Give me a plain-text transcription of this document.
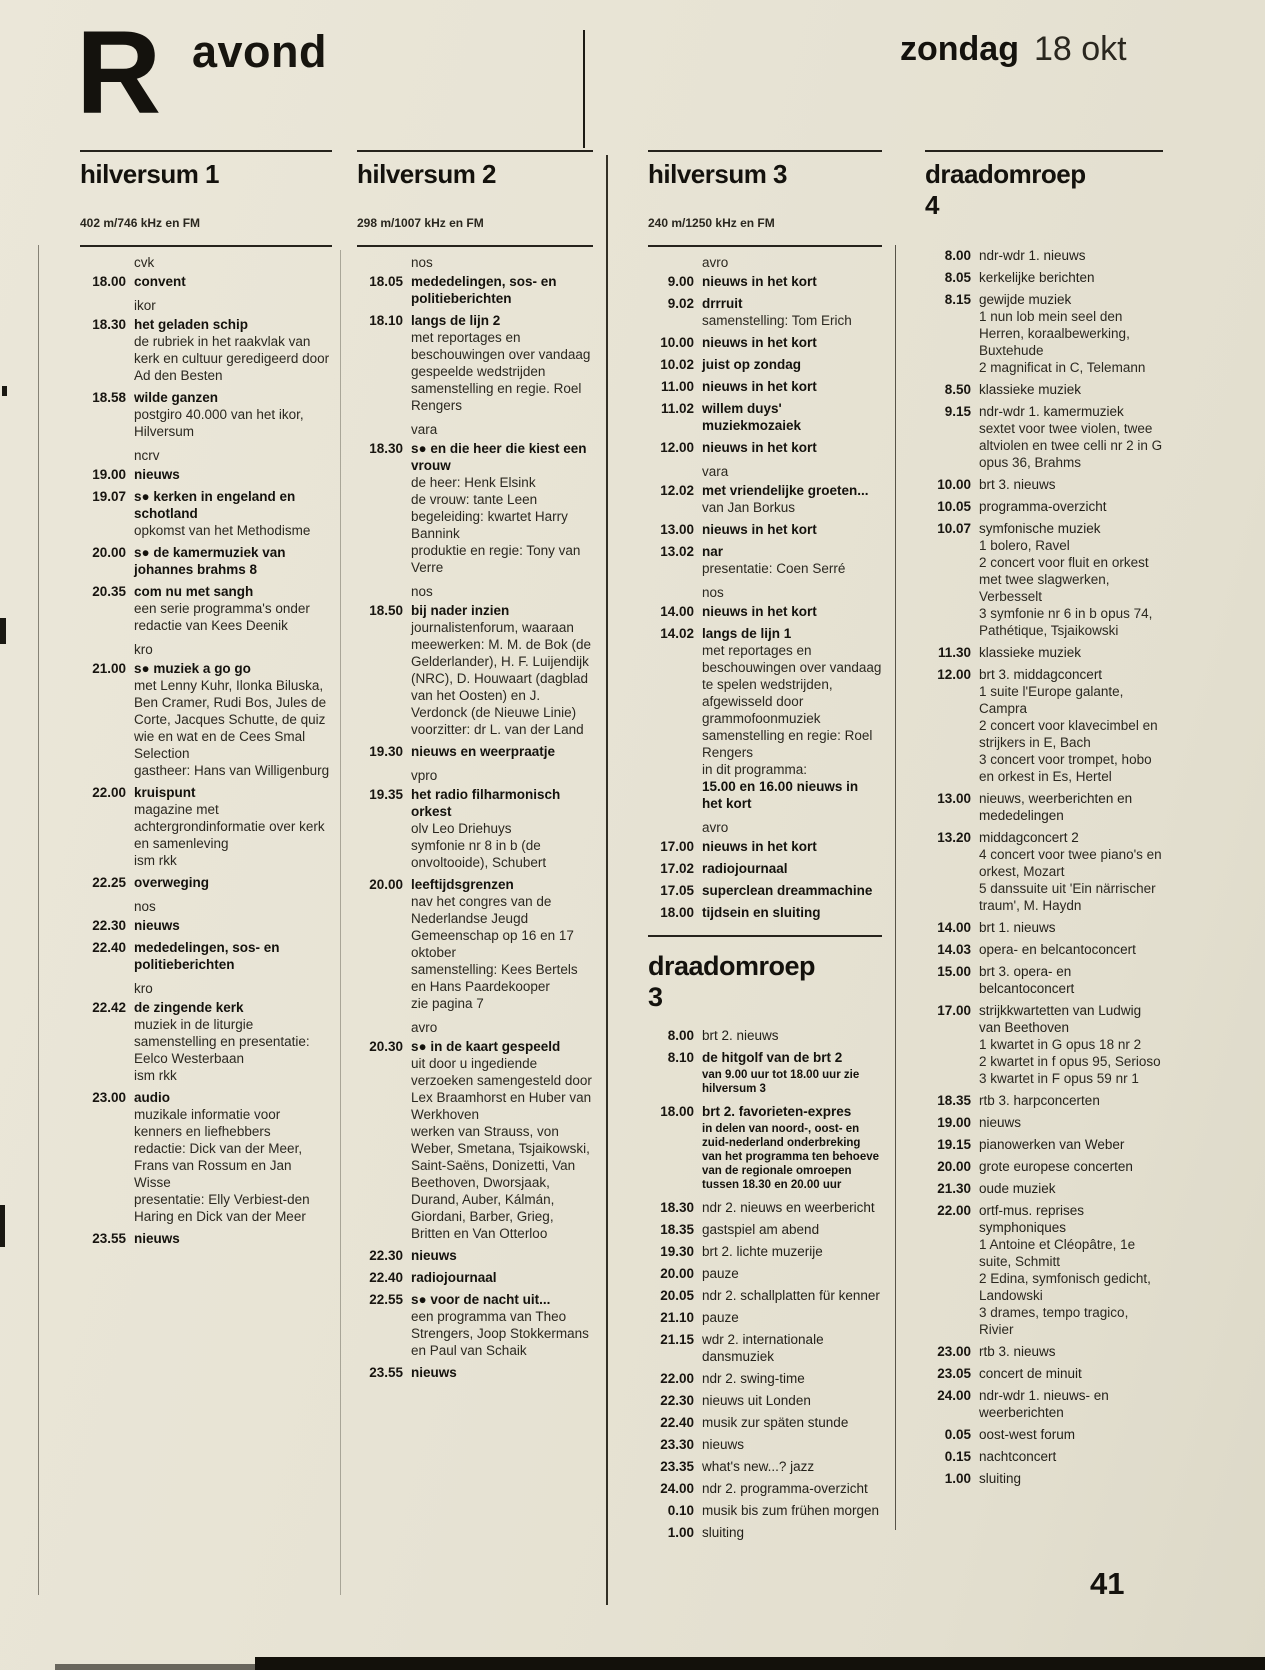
R avond	zondag 18 okt
hilversum 1

402 m/746 kHz en FM

cvk
18.00 convent
ikor
18.30 het geladen schip
de rubriek in het raakvlak van kerk en cultuur geredigeerd door Ad den Besten
18.58 wilde ganzen
postgiro 40.000 van het ikor, Hilversum
ncrv
19.00 nieuws
19.07 s● kerken in engeland en schotland
opkomst van het Methodisme
20.00 s● de kamermuziek van johannes brahms 8
20.35 com nu met sangh
een serie programma's onder redactie van Kees Deenik
kro
21.00 s● muziek a go go
met Lenny Kuhr, Ilonka Biluska, Ben Cramer, Rudi Bos, Jules de Corte, Jacques Schutte, de quiz wie en wat en de Cees Smal Selection
gastheer: Hans van Willigenburg
22.00 kruispunt
magazine met achtergrondinformatie over kerk en samenleving
ism rkk
22.25 overweging
nos
22.30 nieuws
22.40 mededelingen, sos- en politieberichten
kro
22.42 de zingende kerk
muziek in de liturgie samenstelling en presentatie: Eelco Westerbaan
ism rkk
23.00 audio
muzikale informatie voor kenners en liefhebbers
redactie: Dick van der Meer, Frans van Rossum en Jan Wisse
presentatie: Elly Verbiest-den Haring en Dick van der Meer
23.55 nieuws
hilversum 2

298 m/1007 kHz en FM

nos
18.05 mededelingen, sos- en politieberichten
18.10 langs de lijn 2
met reportages en beschouwingen over vandaag gespeelde wedstrijden samenstelling en regie. Roel Rengers
vara
18.30 s● en die heer die kiest een vrouw
de heer: Henk Elsink
de vrouw: tante Leen
begeleiding: kwartet Harry Bannink
produktie en regie: Tony van Verre
nos
18.50 bij nader inzien
journalistenforum, waaraan meewerken: M. M. de Bok (de Gelderlander), H. F. Luijendijk (NRC), D. Houwaart (dagblad van het Oosten) en J. Verdonck (de Nieuwe Linie)
voorzitter: dr L. van der Land
19.30 nieuws en weerpraatje
vpro
19.35 het radio filharmonisch orkest
olv Leo Driehuys
symfonie nr 8 in b (de onvoltooide), Schubert
20.00 leeftijdsgrenzen
nav het congres van de Nederlandse Jeugd Gemeenschap op 16 en 17 oktober
samenstelling: Kees Bertels en Hans Paardekooper
zie pagina 7
avro
20.30 s● in de kaart gespeeld
uit door u ingediende verzoeken samengesteld door Lex Braamhorst en Huber van Werkhoven
werken van Strauss, von Weber, Smetana, Tsjaikowski, Saint-Saëns, Donizetti, Van Beethoven, Dworsjaak, Durand, Auber, Kálmán, Giordani, Barber, Grieg, Britten en Van Otterloo
22.30 nieuws
22.40 radiojournaal
22.55 s● voor de nacht uit...
een programma van Theo Strengers, Joop Stokkermans en Paul van Schaik
23.55 nieuws
hilversum 3

240 m/1250 kHz en FM

avro
9.00 nieuws in het kort
9.02 drrruit
samenstelling: Tom Erich
10.00 nieuws in het kort
10.02 juist op zondag
11.00 nieuws in het kort
11.02 willem duys' muziekmozaiek
12.00 nieuws in het kort
vara
12.02 met vriendelijke groeten...
van Jan Borkus
13.00 nieuws in het kort
13.02 nar
presentatie: Coen Serré
nos
14.00 nieuws in het kort
14.02 langs de lijn 1
met reportages en beschouwingen over vandaag te spelen wedstrijden, afgewisseld door grammofoonmuziek samenstelling en regie: Roel Rengers
in dit programma:
15.00 en 16.00 nieuws in het kort
avro
17.00 nieuws in het kort
17.02 radiojournaal
17.05 superclean dreammachine
18.00 tijdsein en sluiting
draadomroep
3
8.00 brt 2. nieuws
8.10 de hitgolf van de brt 2
van 9.00 uur tot 18.00 uur zie hilversum 3
18.00 brt 2. favorieten-expres
in delen van noord-, oost- en zuid-nederland onderbreking van het programma ten behoeve van de regionale omroepen tussen 18.30 en 20.00 uur
18.30 ndr 2. nieuws en weerbericht
18.35 gastspiel am abend
19.30 brt 2. lichte muzerije
20.00 pauze
20.05 ndr 2. schallplatten für kenner
21.10 pauze
21.15 wdr 2. internationale dansmuziek
22.00 ndr 2. swing-time
22.30 nieuws uit Londen
22.40 musik zur späten stunde
23.30 nieuws
23.35 what's new...? jazz
24.00 ndr 2. programma-overzicht
0.10 musik bis zum frühen morgen
1.00 sluiting
draadomroep
4
8.00 ndr-wdr 1. nieuws
8.05 kerkelijke berichten
8.15 gewijde muziek
1 nun lob mein seel den Herren, koraalbewerking, Buxtehude
2 magnificat in C, Telemann
8.50 klassieke muziek
9.15 ndr-wdr 1. kamermuziek
sextet voor twee violen, twee altviolen en twee celli nr 2 in G opus 36, Brahms
10.00 brt 3. nieuws
10.05 programma-overzicht
10.07 symfonische muziek
1 bolero, Ravel
2 concert voor fluit en orkest met twee slagwerken, Verbesselt
3 symfonie nr 6 in b opus 74, Pathétique, Tsjaikowski
11.30 klassieke muziek
12.00 brt 3. middagconcert
1 suite l'Europe galante, Campra
2 concert voor klavecimbel en strijkers in E, Bach
3 concert voor trompet, hobo en orkest in Es, Hertel
13.00 nieuws, weerberichten en mededelingen
13.20 middagconcert 2
4 concert voor twee piano's en orkest, Mozart
5 danssuite uit 'Ein närrischer traum', M. Haydn
14.00 brt 1. nieuws
14.03 opera- en belcantoconcert
15.00 brt 3. opera- en belcantoconcert
17.00 strijkkwartetten van Ludwig van Beethoven
1 kwartet in G opus 18 nr 2
2 kwartet in f opus 95, Serioso
3 kwartet in F opus 59 nr 1
18.35 rtb 3. harpconcerten
19.00 nieuws
19.15 pianowerken van Weber
20.00 grote europese concerten
21.30 oude muziek
22.00 ortf-mus. reprises symphoniques
1 Antoine et Cléopâtre, 1e suite, Schmitt
2 Edina, symfonisch gedicht, Landowski
3 drames, tempo tragico, Rivier
23.00 rtb 3. nieuws
23.05 concert de minuit
24.00 ndr-wdr 1. nieuws- en weerberichten
0.05 oost-west forum
0.15 nachtconcert
1.00 sluiting
41
